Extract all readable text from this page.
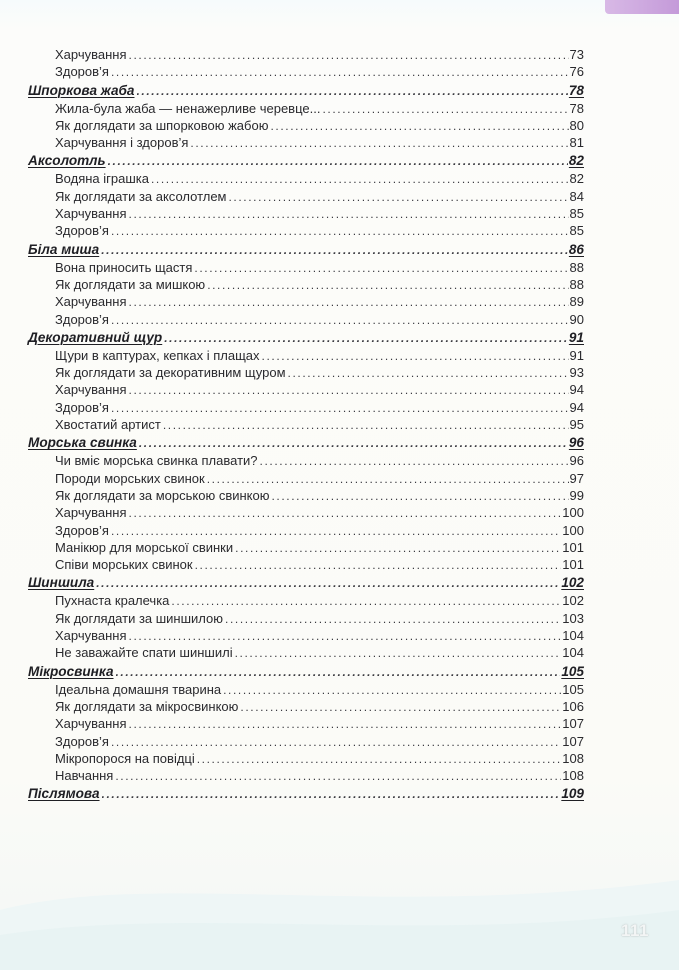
Харчування .....	73
Здоров’я .....	76
Шпоркова жаба .....	78
Жила-була жаба — ненажерливе черевце... .....	78
Як доглядати за шпорковою жабою .....	80
Харчування і здоров’я .....	81
Аксолотль .....	82
Водяна іграшка .....	82
Як доглядати за аксолотлем .....	84
Харчування .....	85
Здоров’я .....	85
Біла миша .....	86
Вона приносить щастя .....	88
Як доглядати за мишкою .....	88
Харчування .....	89
Здоров’я .....	90
Декоративний щур .....	91
Щури в каптурах, кепках і плащах .....	91
Як доглядати за декоративним щуром .....	93
Харчування .....	94
Здоров’я .....	94
Хвостатий артист .....	95
Морська свинка .....	96
Чи вміє морська свинка плавати? .....	96
Породи морських свинок .....	97
Як доглядати за морською свинкою .....	99
Харчування .....	100
Здоров’я .....	100
Манікюр для морської свинки .....	101
Співи морських свинок .....	101
Шиншила .....	102
Пухнаста кралечка .....	102
Як доглядати за шиншилою .....	103
Харчування .....	104
Не заважайте спати шиншилі .....	104
Мікросвинка .....	105
Ідеальна домашня тварина .....	105
Як доглядати за мікросвинкою .....	106
Харчування .....	107
Здоров’я .....	107
Мікропорося на повідці .....	108
Навчання .....	108
Післямова .....	109
111
